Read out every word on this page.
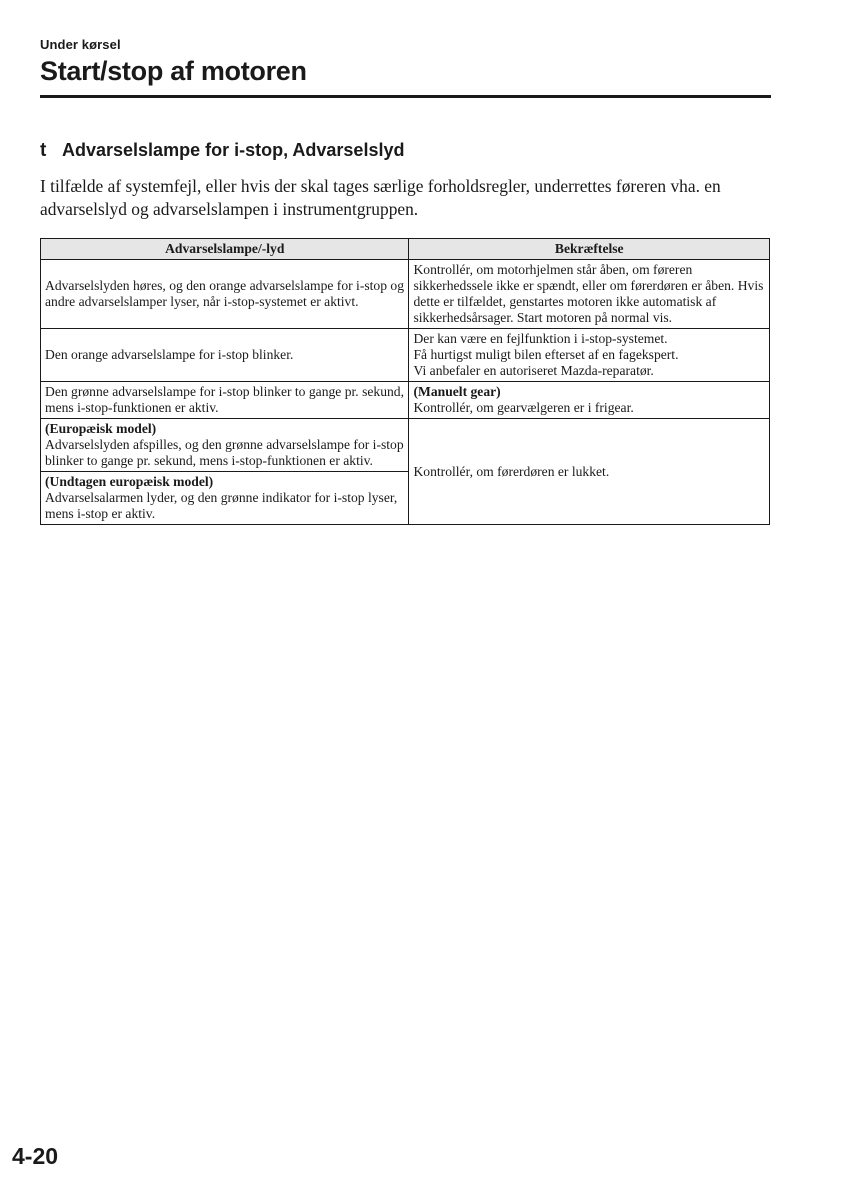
Under kørsel
Start/stop af motoren
t Advarselslampe for i-stop, Advarselslyd
I tilfælde af systemfejl, eller hvis der skal tages særlige forholdsregler, underrettes føreren vha. en advarselslyd og advarselslampen i instrumentgruppen.
Advarselslampe/-lyd	Bekræftelse

Advarselslyden høres, og den orange advarselslampe for i-stop og andre advarselslamper lyser, når i-stop-systemet er aktivt.	Kontrollér, om motorhjelmen står åben, om føreren sikkerhedssele ikke er spændt, eller om førerdøren er åben. Hvis dette er tilfældet, genstartes motoren ikke automatisk af sikkerhedsårsager. Start motoren på normal vis.

Den orange advarselslampe for i-stop blinker.	Der kan være en fejlfunktion i i-stop-systemet.
Få hurtigst muligt bilen efterset af en fagekspert.
Vi anbefaler en autoriseret Mazda-reparatør.

Den grønne advarselslampe for i-stop blinker to gange pr. sekund, mens i-stop-funktionen er aktiv.	(Manuelt gear)
Kontrollér, om gearvælgeren er i frigear.

(Europæisk model)
Advarselslyden afspilles, og den grønne advarselslampe for i-stop blinker to gange pr. sekund, mens i-stop-funktionen er aktiv.	Kontrollér, om førerdøren er lukket.

(Undtagen europæisk model)
Advarselsalarmen lyder, og den grønne indikator for i-stop lyser, mens i-stop er aktiv.	
4-20
